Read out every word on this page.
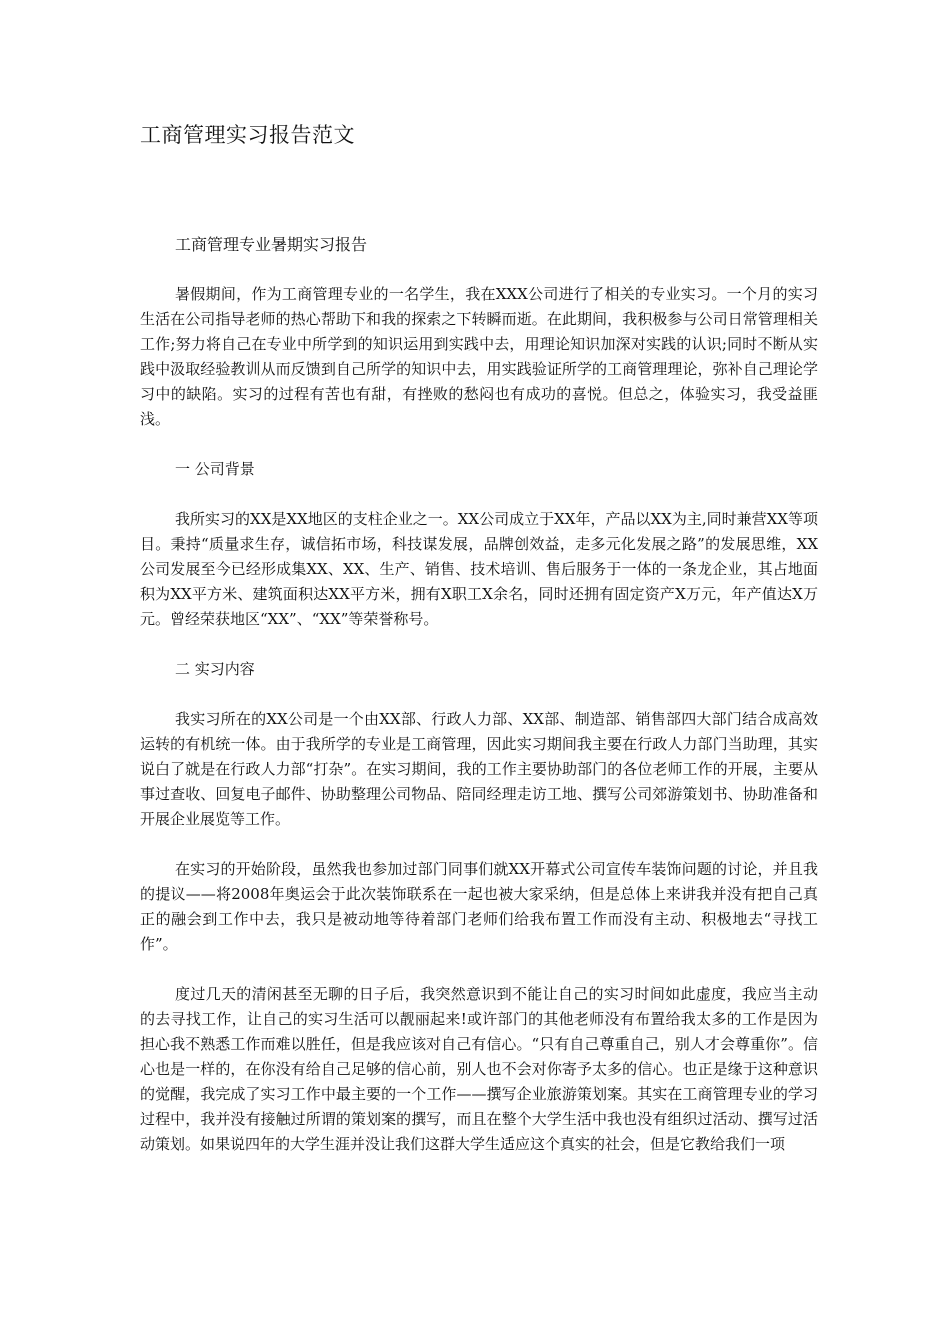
工商管理实习报告范文

工商管理专业暑期实习报告

暑假期间，作为工商管理专业的一名学生，我在XXX公司进行了相关的专业实习。一个月的实习生活在公司指导老师的热心帮助下和我的探索之下转瞬而逝。在此期间，我积极参与公司日常管理相关工作;努力将自己在专业中所学到的知识运用到实践中去，用理论知识加深对实践的认识;同时不断从实践中汲取经验教训从而反馈到自己所学的知识中去，用实践验证所学的工商管理理论，弥补自己理论学习中的缺陷。实习的过程有苦也有甜，有挫败的愁闷也有成功的喜悦。但总之，体验实习，我受益匪浅。

一 公司背景

我所实习的XX是XX地区的支柱企业之一。XX公司成立于XX年，产品以XX为主,同时兼营XX等项目。秉持“质量求生存，诚信拓市场，科技谋发展，品牌创效益，走多元化发展之路”的发展思维，XX公司发展至今已经形成集XX、XX、生产、销售、技术培训、售后服务于一体的一条龙企业，其占地面积为XX平方米、建筑面积达XX平方米，拥有X职工X余名，同时还拥有固定资产X万元，年产值达X万元。曾经荣获地区“XX”、“XX”等荣誉称号。

二 实习内容

我实习所在的XX公司是一个由XX部、行政人力部、XX部、制造部、销售部四大部门结合成高效运转的有机统一体。由于我所学的专业是工商管理，因此实习期间我主要在行政人力部门当助理，其实说白了就是在行政人力部“打杂”。在实习期间，我的工作主要协助部门的各位老师工作的开展，主要从事过查收、回复电子邮件、协助整理公司物品、陪同经理走访工地、撰写公司郊游策划书、协助准备和开展企业展览等工作。

在实习的开始阶段，虽然我也参加过部门同事们就XX开幕式公司宣传车装饰问题的讨论，并且我的提议——将2008年奥运会于此次装饰联系在一起也被大家采纳，但是总体上来讲我并没有把自己真正的融会到工作中去，我只是被动地等待着部门老师们给我布置工作而没有主动、积极地去“寻找工作”。

度过几天的清闲甚至无聊的日子后，我突然意识到不能让自己的实习时间如此虚度，我应当主动的去寻找工作，让自己的实习生活可以靓丽起来!或许部门的其他老师没有布置给我太多的工作是因为担心我不熟悉工作而难以胜任，但是我应该对自己有信心。“只有自己尊重自己，别人才会尊重你”。信心也是一样的，在你没有给自己足够的信心前，别人也不会对你寄予太多的信心。也正是缘于这种意识的觉醒，我完成了实习工作中最主要的一个工作——撰写企业旅游策划案。其实在工商管理专业的学习过程中，我并没有接触过所谓的策划案的撰写，而且在整个大学生活中我也没有组织过活动、撰写过活动策划。如果说四年的大学生涯并没让我们这群大学生适应这个真实的社会，但是它教给我们一项
